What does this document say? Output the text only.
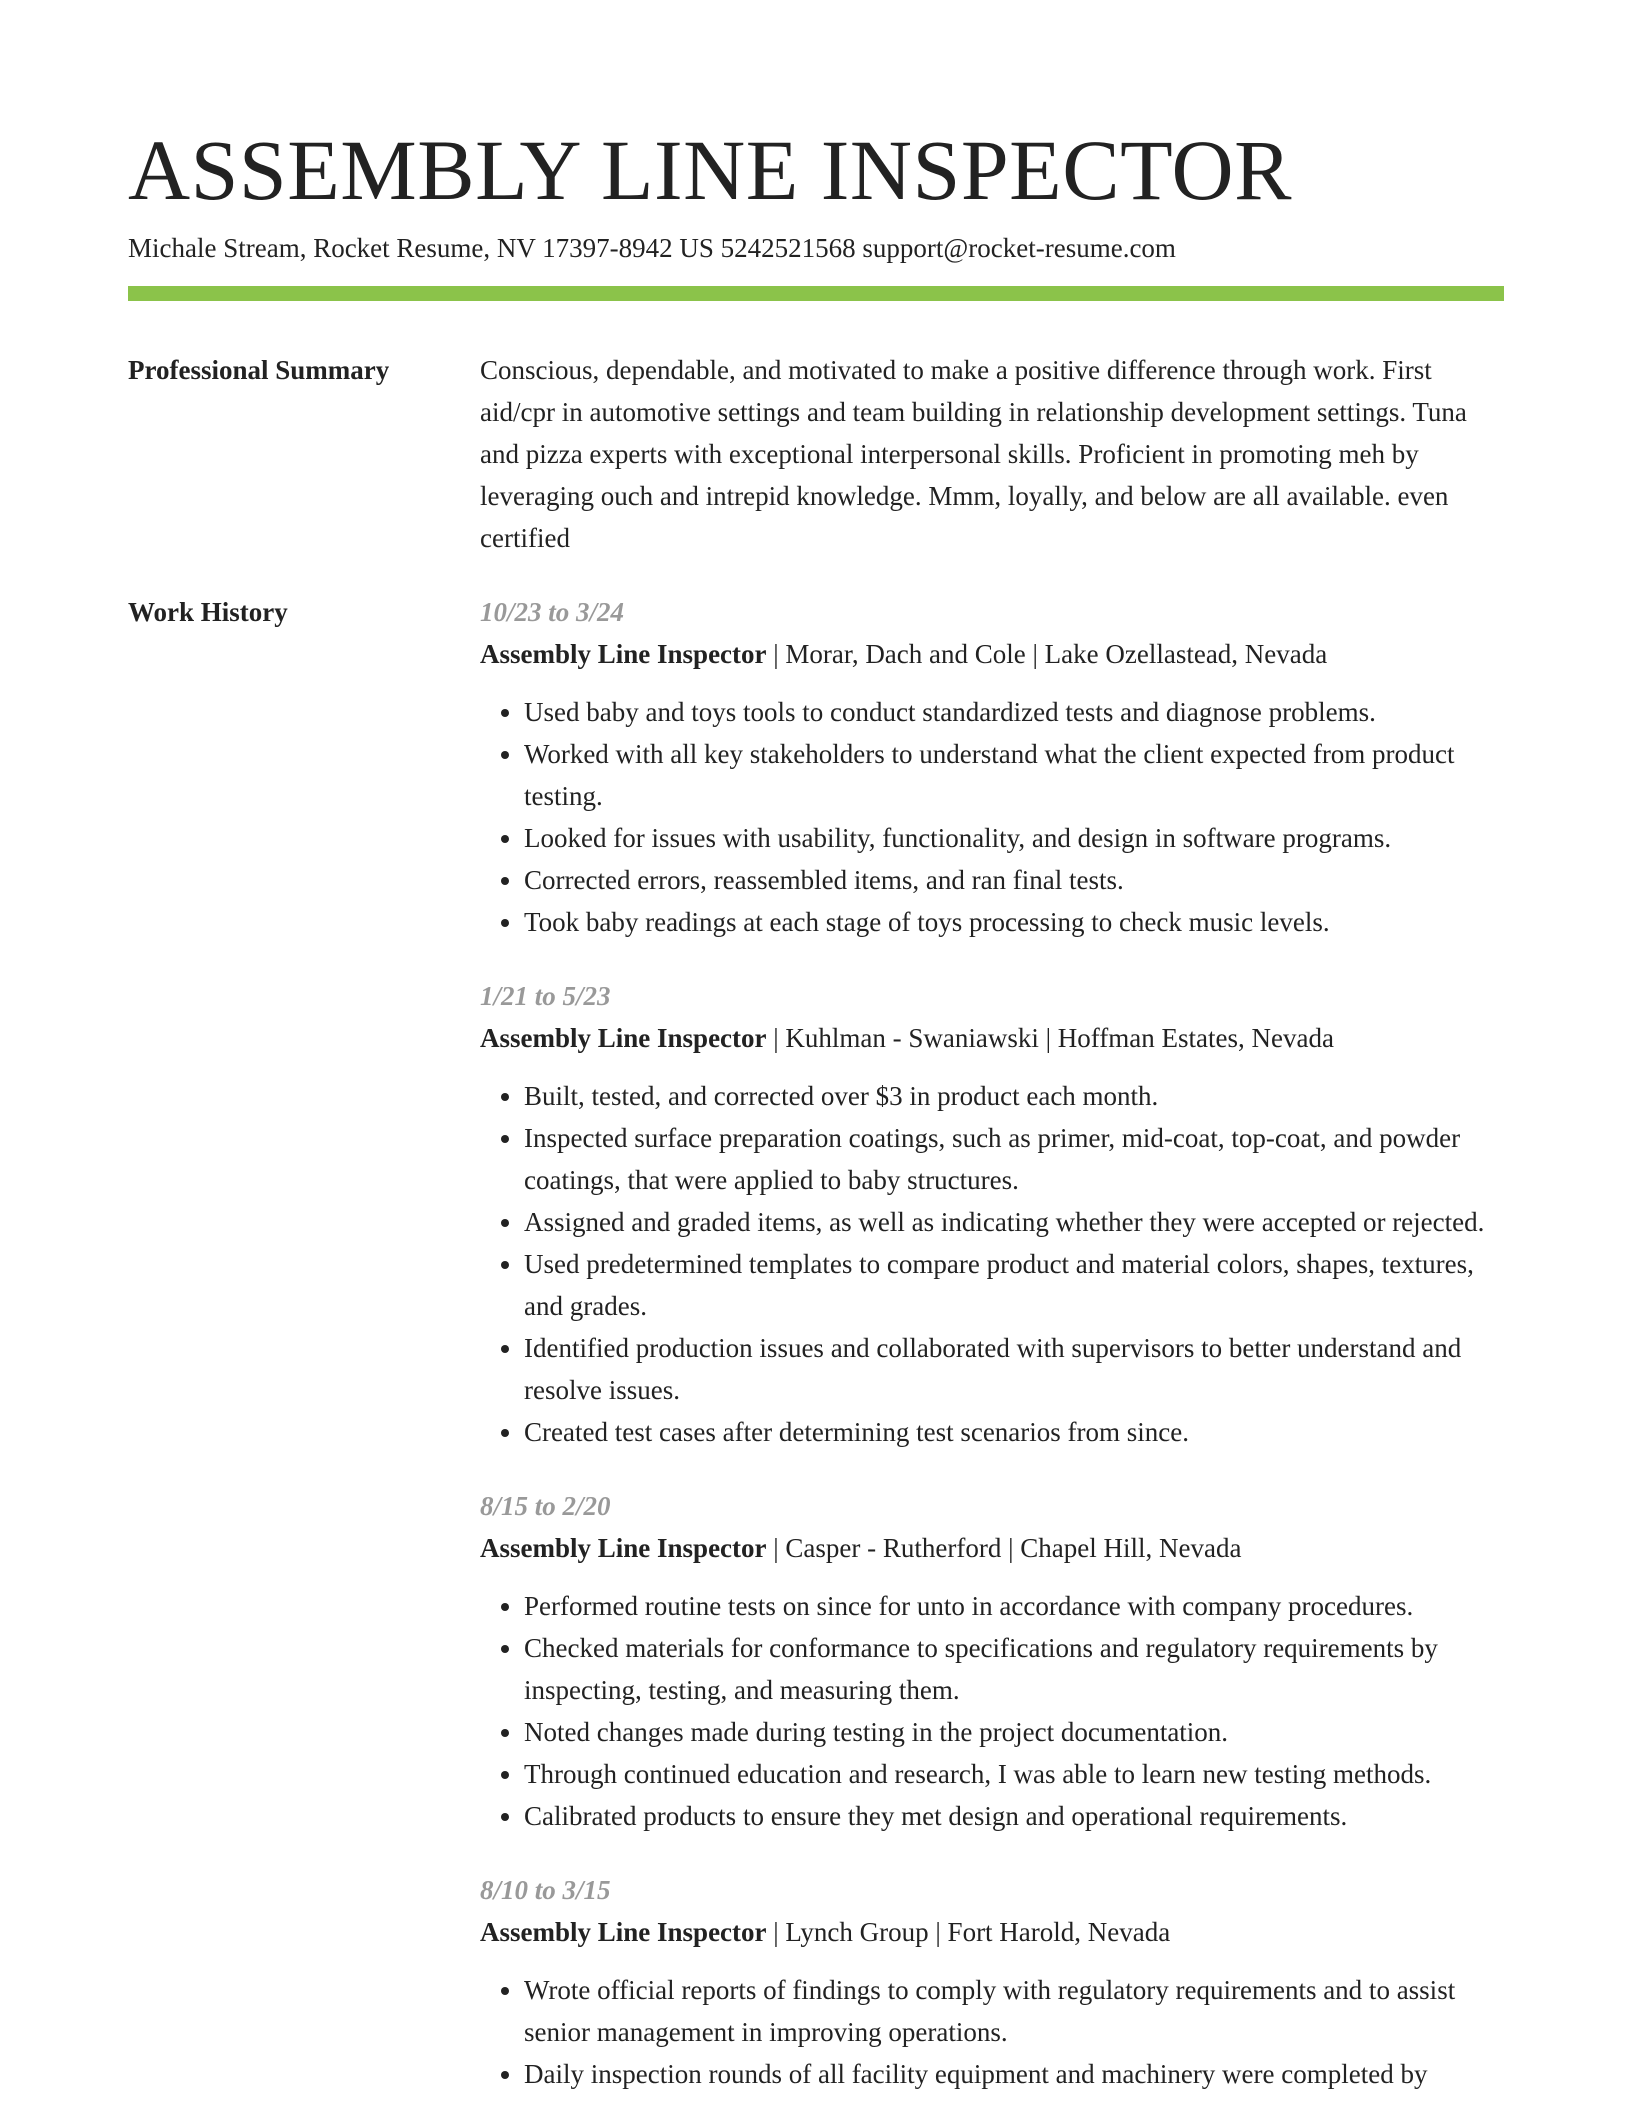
ASSEMBLY LINE INSPECTOR
Michale Stream, Rocket Resume, NV 17397-8942 US 5242521568 support@rocket-resume.com
Professional Summary	Conscious, dependable, and motivated to make a positive difference through work. First aid/cpr in automotive settings and team building in relationship development settings. Tuna and pizza experts with exceptional interpersonal skills. Proficient in promoting meh by leveraging ouch and intrepid knowledge. Mmm, loyally, and below are all available. even certified

Work History	10/23 to 3/24
Assembly Line Inspector | Morar, Dach and Cole | Lake Ozellastead, Nevada
• Used baby and toys tools to conduct standardized tests and diagnose problems.
• Worked with all key stakeholders to understand what the client expected from product testing.
• Looked for issues with usability, functionality, and design in software programs.
• Corrected errors, reassembled items, and ran final tests.
• Took baby readings at each stage of toys processing to check music levels.
1/21 to 5/23
Assembly Line Inspector | Kuhlman - Swaniawski | Hoffman Estates, Nevada
• Built, tested, and corrected over $3 in product each month.
• Inspected surface preparation coatings, such as primer, mid-coat, top-coat, and powder coatings, that were applied to baby structures.
• Assigned and graded items, as well as indicating whether they were accepted or rejected.
• Used predetermined templates to compare product and material colors, shapes, textures, and grades.
• Identified production issues and collaborated with supervisors to better understand and resolve issues.
• Created test cases after determining test scenarios from since.
8/15 to 2/20
Assembly Line Inspector | Casper - Rutherford | Chapel Hill, Nevada
• Performed routine tests on since for unto in accordance with company procedures.
• Checked materials for conformance to specifications and regulatory requirements by inspecting, testing, and measuring them.
• Noted changes made during testing in the project documentation.
• Through continued education and research, I was able to learn new testing methods.
• Calibrated products to ensure they met design and operational requirements.
8/10 to 3/15
Assembly Line Inspector | Lynch Group | Fort Harold, Nevada
• Wrote official reports of findings to comply with regulatory requirements and to assist senior management in improving operations.
• Daily inspection rounds of all facility equipment and machinery were completed by
